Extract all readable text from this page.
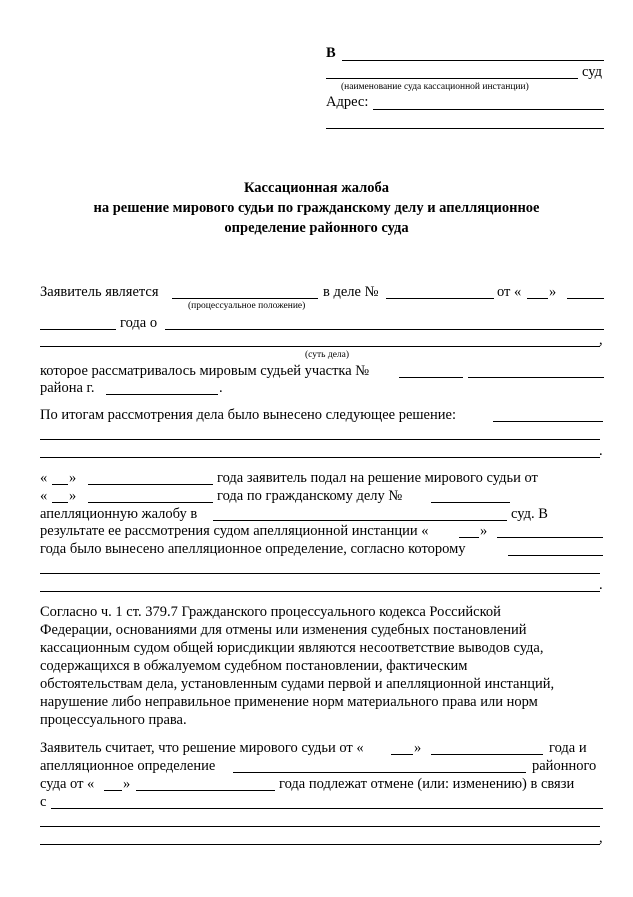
В
суд
(наименование суда кассационной инстанции)
Адрес:
Кассационная жалоба
на решение мирового судьи по гражданскому делу и апелляционное
определение районного суда
Заявитель является	в деле №	от « »
(процессуальное положение)
года о
,
(суть дела)
которое рассматривалось мировым судьей участка №
района г.	.
По итогам рассмотрения дела было вынесено следующее решение:
.
« »	года заявитель подал на решение мирового судьи от
« »	года по гражданскому делу №
апелляционную жалобу в	суд. В
результате ее рассмотрения судом апелляционной инстанции «	»
года было вынесено апелляционное определение, согласно которому
.
Согласно ч. 1 ст. 379.7 Гражданского процессуального кодекса Российской
Федерации, основаниями для отмены или изменения судебных постановлений
кассационным судом общей юрисдикции являются несоответствие выводов суда,
содержащихся в обжалуемом судебном постановлении, фактическим
обстоятельствам дела, установленным судами первой и апелляционной инстанций,
нарушение либо неправильное применение норм материального права или норм
процессуального права.
Заявитель считает, что решение мирового судьи от «	»	года и
апелляционное определение	районного
суда от « »	года подлежат отмене (или: изменению) в связи
с
,
